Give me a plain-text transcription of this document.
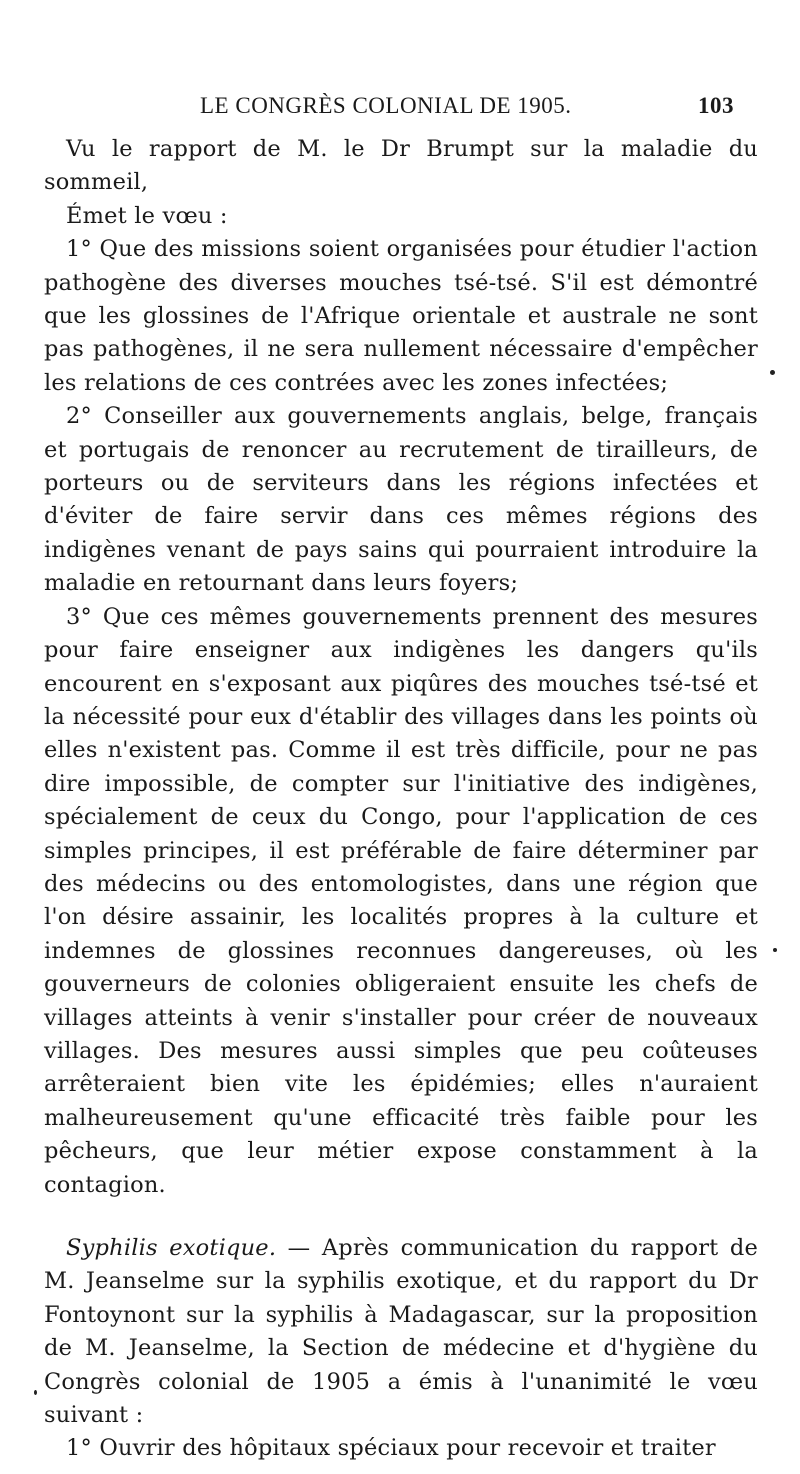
LE CONGRÈS COLONIAL DE 1905.	103

Vu le rapport de M. le Dr Brumpt sur la maladie du sommeil,

Émet le vœu :

1° Que des missions soient organisées pour étudier l'action pathogène des diverses mouches tsé-tsé. S'il est démontré que les glossines de l'Afrique orientale et australe ne sont pas pathogènes, il ne sera nullement nécessaire d'empêcher les relations de ces contrées avec les zones infectées;

2° Conseiller aux gouvernements anglais, belge, français et portugais de renoncer au recrutement de tirailleurs, de porteurs ou de serviteurs dans les régions infectées et d'éviter de faire servir dans ces mêmes régions des indigènes venant de pays sains qui pourraient introduire la maladie en retournant dans leurs foyers;

3° Que ces mêmes gouvernements prennent des mesures pour faire enseigner aux indigènes les dangers qu'ils encourent en s'exposant aux piqûres des mouches tsé-tsé et la nécessité pour eux d'établir des villages dans les points où elles n'existent pas. Comme il est très difficile, pour ne pas dire impossible, de compter sur l'initiative des indigènes, spécialement de ceux du Congo, pour l'application de ces simples principes, il est préférable de faire déterminer par des médecins ou des entomologistes, dans une région que l'on désire assainir, les localités propres à la culture et indemnes de glossines reconnues dangereuses, où les gouverneurs de colonies obligeraient ensuite les chefs de villages atteints à venir s'installer pour créer de nouveaux villages. Des mesures aussi simples que peu coûteuses arrêteraient bien vite les épidémies; elles n'auraient malheureusement qu'une efficacité très faible pour les pêcheurs, que leur métier expose constamment à la contagion.

Syphilis exotique. — Après communication du rapport de M. Jeanselme sur la syphilis exotique, et du rapport du Dr Fontoynont sur la syphilis à Madagascar, sur la proposition de M. Jeanselme, la Section de médecine et d'hygiène du Congrès colonial de 1905 a émis à l'unanimité le vœu suivant :

1° Ouvrir des hôpitaux spéciaux pour recevoir et traiter
